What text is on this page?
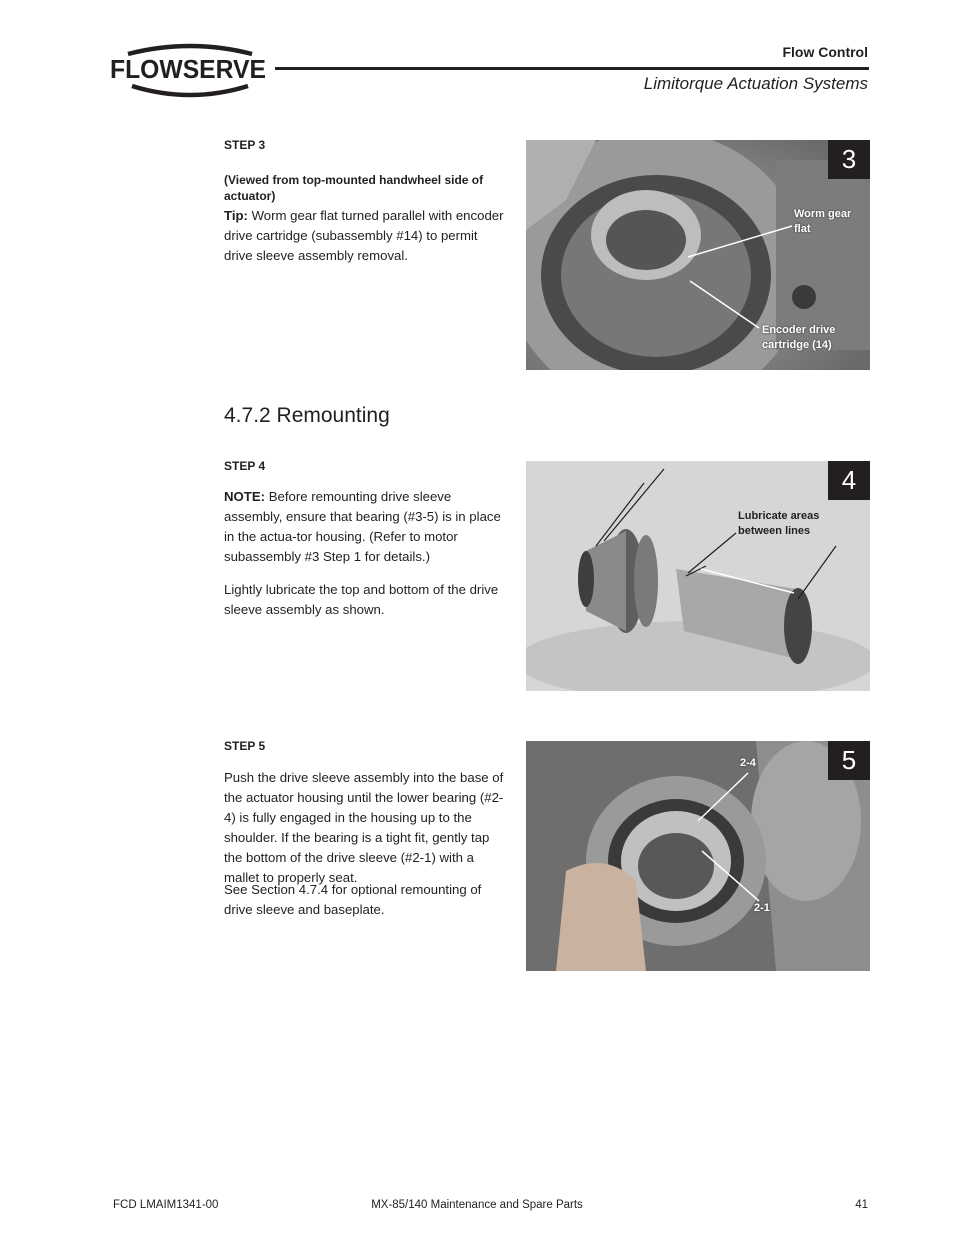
FLOWSERVE
Flow Control
Limitorque Actuation Systems
STEP 3
(Viewed from top-mounted handwheel side of actuator)
Tip: Worm gear flat turned parallel with encoder drive cartridge (subassembly #14) to permit drive sleeve assembly removal.
3
Worm gear
flat
Encoder drive
cartridge (14)
4.7.2 Remounting
STEP 4
NOTE: Before remounting drive sleeve assembly, ensure that bearing (#3-5) is in place in the actua-tor housing. (Refer to motor subassembly #3 Step 1 for details.)
Lightly lubricate the top and bottom of the drive sleeve assembly as shown.
4
Lubricate areas
between lines
STEP 5
Push the drive sleeve assembly into the base of the actuator housing until the lower bearing (#2-4) is fully engaged in the housing up to the shoulder. If the bearing is a tight fit, gently tap the bottom of the drive sleeve (#2-1) with a mallet to properly seat.
See Section 4.7.4 for optional remounting of drive sleeve and baseplate.
5
2-4
2-1
FCD LMAIM1341-00	MX-85/140 Maintenance and Spare Parts	41
